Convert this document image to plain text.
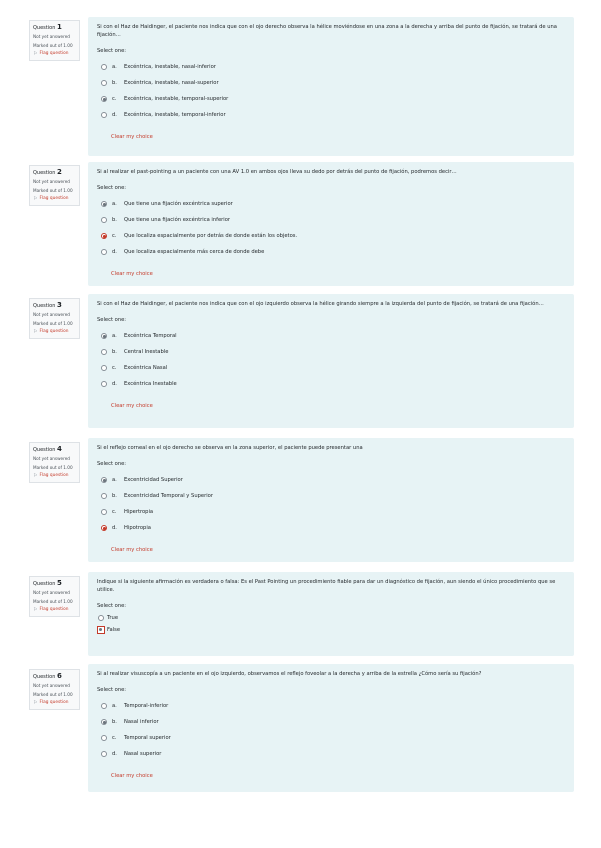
Question 1
Not yet answered
Marked out of 1.00
⚐ Flag question
Si con el Haz de Haidinger, el paciente nos indica que con el ojo derecho observa la hélice moviéndose en una zona a la derecha y arriba del punto de fijación, se tratará de una fijación…
Select one:
a.	Excéntrica, inestable, nasal-inferior
b.	Excéntrica, inestable, nasal-superior
c.	Excéntrica, inestable, temporal-superior
d.	Excéntrica, inestable, temporal-inferior
Clear my choice
Question 2
Not yet answered
Marked out of 1.00
⚐ Flag question
Si al realizar el past-pointing a un paciente con una AV 1.0 en ambos ojos lleva su dedo por detrás del punto de fijación, podremos decir…
Select one:
a.	Que tiene una fijación excéntrica superior
b.	Que tiene una fijación excéntrica inferior
c.	Que localiza espacialmente por detrás de donde están los objetos.
d.	Que localiza espacialmente más cerca de donde debe
Clear my choice
Question 3
Not yet answered
Marked out of 1.00
⚐ Flag question
Si con el Haz de Haidinger, el paciente nos indica que con el ojo izquierdo observa la hélice girando siempre a la izquierda del punto de fijación, se tratará de una fijación…
Select one:
a.	Excéntrica Temporal
b.	Central Inestable
c.	Excéntrica Nasal
d.	Excéntrica Inestable
Clear my choice
Question 4
Not yet answered
Marked out of 1.00
⚐ Flag question
Si el reflejo corneal en el ojo derecho se observa en la zona superior, el paciente puede presentar una
Select one:
a.	Excentricidad Superior
b.	Excentricidad Temporal y Superior
c.	Hipertropia
d.	Hipotropia
Clear my choice
Question 5
Not yet answered
Marked out of 1.00
⚐ Flag question
Indique si la siguiente afirmación es verdadera o falsa: Es el Past Pointing un procedimiento fiable para dar un diagnóstico de fijación, aun siendo el único procedimiento que se utilice.
Select one:
True
False
Question 6
Not yet answered
Marked out of 1.00
⚐ Flag question
Si al realizar visuscopía a un paciente en el ojo izquierdo, observamos el reflejo foveolar a la derecha y arriba de la estrella ¿Cómo sería su fijación?
Select one:
a.	Temporal-inferior
b.	Nasal inferior
c.	Temporal superior
d.	Nasal superior
Clear my choice
